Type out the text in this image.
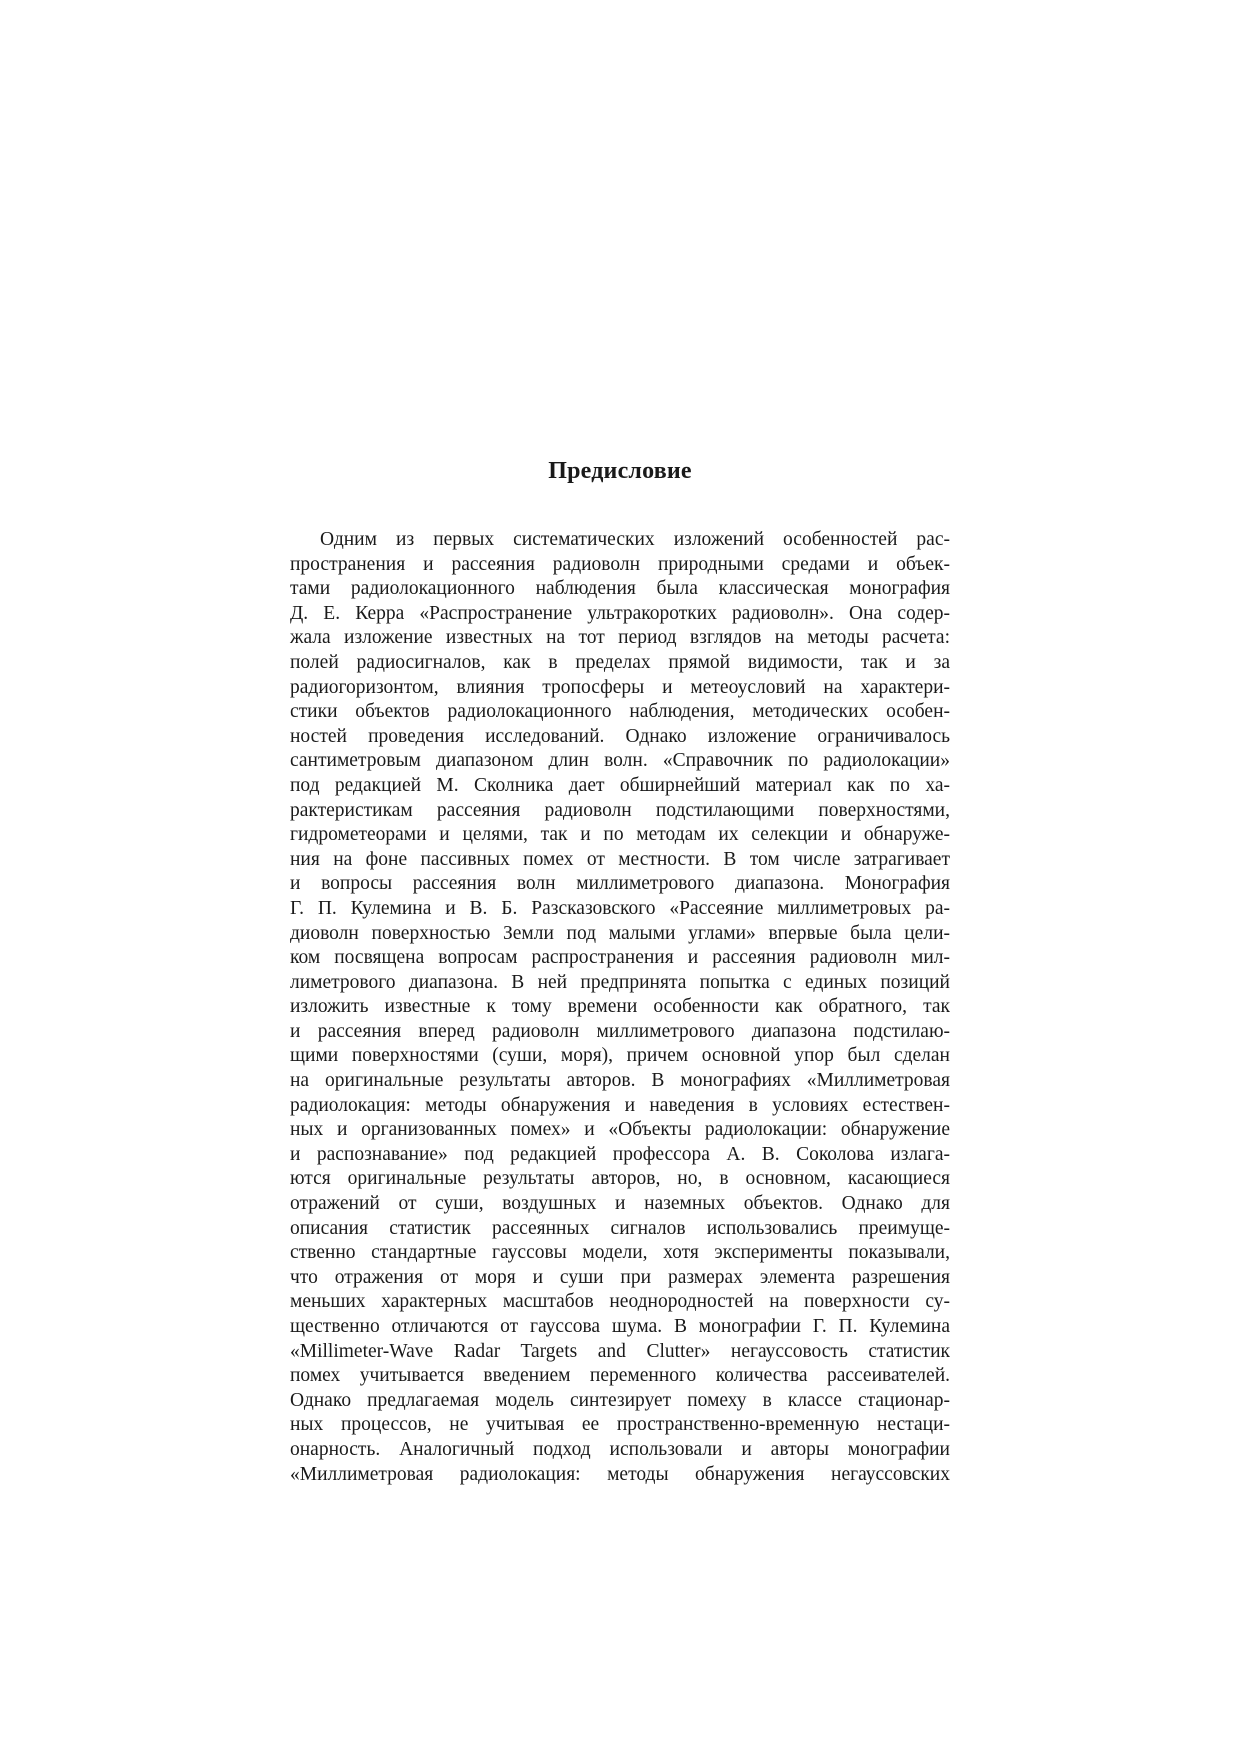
Предисловие
Одним из первых систематических изложений особенностей рас-
пространения и рассеяния радиоволн природными средами и объек-
тами радиолокационного наблюдения была классическая монография
Д. Е. Керра «Распространение ультракоротких радиоволн». Она содер-
жала изложение известных на тот период взглядов на методы расчета:
полей радиосигналов, как в пределах прямой видимости, так и за
радиогоризонтом, влияния тропосферы и метеоусловий на характери-
стики объектов радиолокационного наблюдения, методических особен-
ностей проведения исследований. Однако изложение ограничивалось
сантиметровым диапазоном длин волн. «Справочник по радиолокации»
под редакцией М. Сколника дает обширнейший материал как по ха-
рактеристикам рассеяния радиоволн подстилающими поверхностями,
гидрометеорами и целями, так и по методам их селекции и обнаруже-
ния на фоне пассивных помех от местности. В том числе затрагивает
и вопросы рассеяния волн миллиметрового диапазона. Монография
Г. П. Кулемина и В. Б. Разсказовского «Рассеяние миллиметровых ра-
диоволн поверхностью Земли под малыми углами» впервые была цели-
ком посвящена вопросам распространения и рассеяния радиоволн мил-
лиметрового диапазона. В ней предпринята попытка с единых позиций
изложить известные к тому времени особенности как обратного, так
и рассеяния вперед радиоволн миллиметрового диапазона подстилаю-
щими поверхностями (суши, моря), причем основной упор был сделан
на оригинальные результаты авторов. В монографиях «Миллиметровая
радиолокация: методы обнаружения и наведения в условиях естествен-
ных и организованных помех» и «Объекты радиолокации: обнаружение
и распознавание» под редакцией профессора А. В. Соколова излага-
ются оригинальные результаты авторов, но, в основном, касающиеся
отражений от суши, воздушных и наземных объектов. Однако для
описания статистик рассеянных сигналов использовались преимуще-
ственно стандартные гауссовы модели, хотя эксперименты показывали,
что отражения от моря и суши при размерах элемента разрешения
меньших характерных масштабов неоднородностей на поверхности су-
щественно отличаются от гауссова шума. В монографии Г. П. Кулемина
«Millimeter-Wave Radar Targets and Clutter» негауссовость статистик
помех учитывается введением переменного количества рассеивателей.
Однако предлагаемая модель синтезирует помеху в классе стационар-
ных процессов, не учитывая ее пространственно-временную нестаци-
онарность. Аналогичный подход использовали и авторы монографии
«Миллиметровая радиолокация: методы обнаружения негауссовских
